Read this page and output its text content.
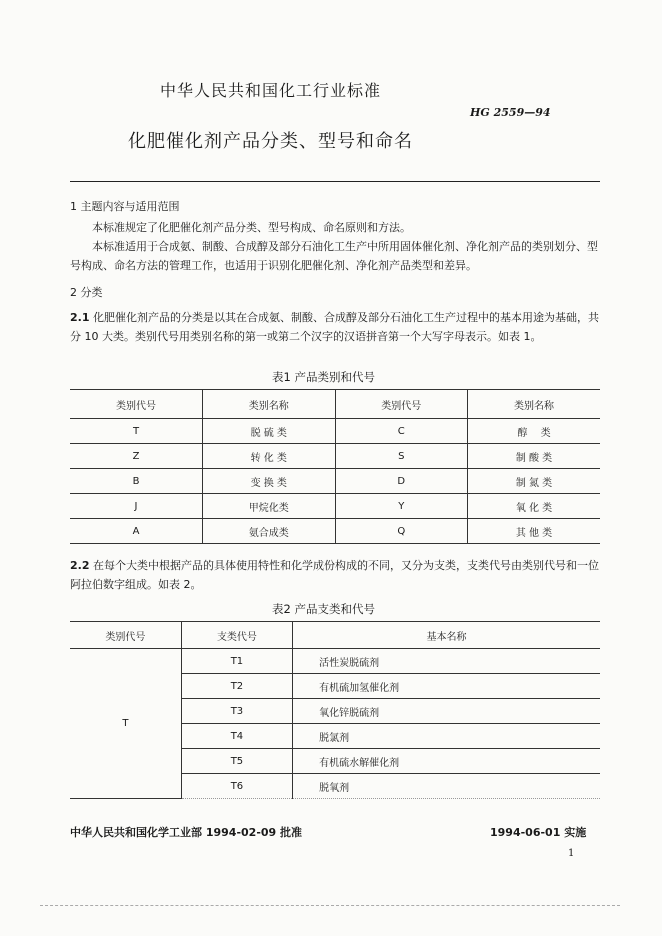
中华人民共和国化工行业标准
HG 2559—94
化肥催化剂产品分类、型号和命名
1 主题内容与适用范围
本标准规定了化肥催化剂产品分类、型号构成、命名原则和方法。
本标准适用于合成氨、制酸、合成醇及部分石油化工生产中所用固体催化剂、净化剂产品的类别划分、型号构成、命名方法的管理工作，也适用于识别化肥催化剂、净化剂产品类型和差异。
2 分类
2.1 化肥催化剂产品的分类是以其在合成氨、制酸、合成醇及部分石油化工生产过程中的基本用途为基础，共分 10 大类。类别代号用类别名称的第一或第二个汉字的汉语拼音第一个大写字母表示。如表 1。
表1 产品类别和代号
类别代号	类别名称	类别代号	类别名称
T	脱 硫 类	C	醇　 类
Z	转 化 类	S	制 酸 类
B	变 换 类	D	制 氮 类
J	甲烷化类	Y	氧 化 类
A	氨合成类	Q	其 他 类
2.2 在每个大类中根据产品的具体使用特性和化学成份构成的不同，又分为支类，支类代号由类别代号和一位阿拉伯数字组成。如表 2。
表2 产品支类和代号
类别代号	支类代号	基本名称
T	T1	活性炭脱硫剂
	T2	有机硫加氢催化剂
	T3	氧化锌脱硫剂
	T4	脱氯剂
	T5	有机硫水解催化剂
	T6	脱氧剂
中华人民共和国化学工业部 1994-02-09 批准	1994-06-01 实施
1
